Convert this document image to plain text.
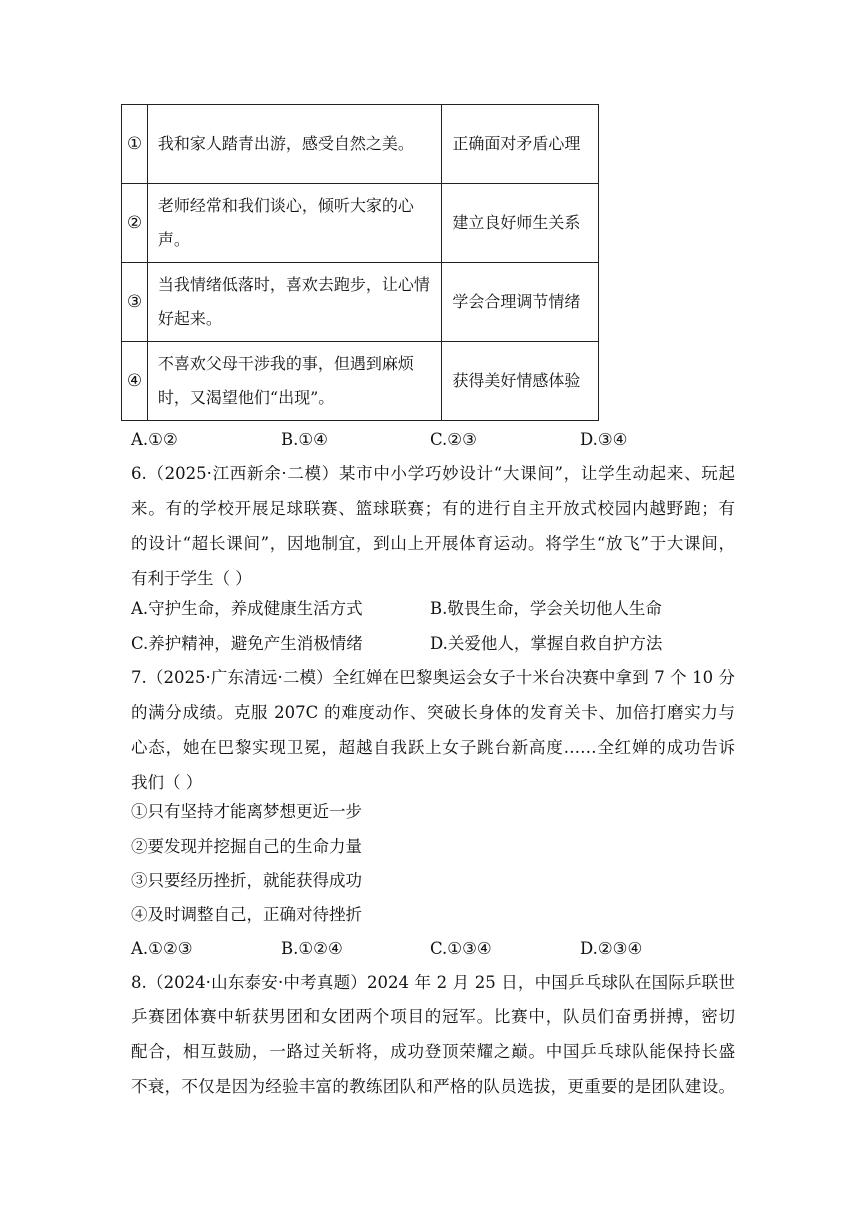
①	我和家人踏青出游，感受自然之美。	正确面对矛盾心理
②	老师经常和我们谈心，倾听大家的心声。	建立良好师生关系
③	当我情绪低落时，喜欢去跑步，让心情好起来。	学会合理调节情绪
④	不喜欢父母干涉我的事，但遇到麻烦时，又渴望他们“出现”。	获得美好情感体验
A.①②	B.①④	C.②③	D.③④
6.（2025·江西新余·二模）某市中小学巧妙设计“大课间”，让学生动起来、玩起
来。有的学校开展足球联赛、篮球联赛；有的进行自主开放式校园内越野跑；有
的设计“超长课间”，因地制宜，到山上开展体育运动。将学生“放飞”于大课间，
有利于学生（ ）
A.守护生命，养成健康生活方式	B.敬畏生命，学会关切他人生命
C.养护精神，避免产生消极情绪	D.关爱他人，掌握自救自护方法
7.（2025·广东清远·二模）全红婵在巴黎奥运会女子十米台决赛中拿到 7 个 10 分
的满分成绩。克服 207C 的难度动作、突破长身体的发育关卡、加倍打磨实力与
心态，她在巴黎实现卫冕，超越自我跃上女子跳台新高度……全红婵的成功告诉
我们（ ）
①只有坚持才能离梦想更近一步
②要发现并挖掘自己的生命力量
③只要经历挫折，就能获得成功
④及时调整自己，正确对待挫折
A.①②③	B.①②④	C.①③④	D.②③④
8.（2024·山东泰安·中考真题）2024 年 2 月 25 日，中国乒乓球队在国际乒联世
乒赛团体赛中斩获男团和女团两个项目的冠军。比赛中，队员们奋勇拼搏，密切
配合，相互鼓励，一路过关斩将，成功登顶荣耀之巅。中国乒乓球队能保持长盛
不衰，不仅是因为经验丰富的教练团队和严格的队员选拔，更重要的是团队建设。
